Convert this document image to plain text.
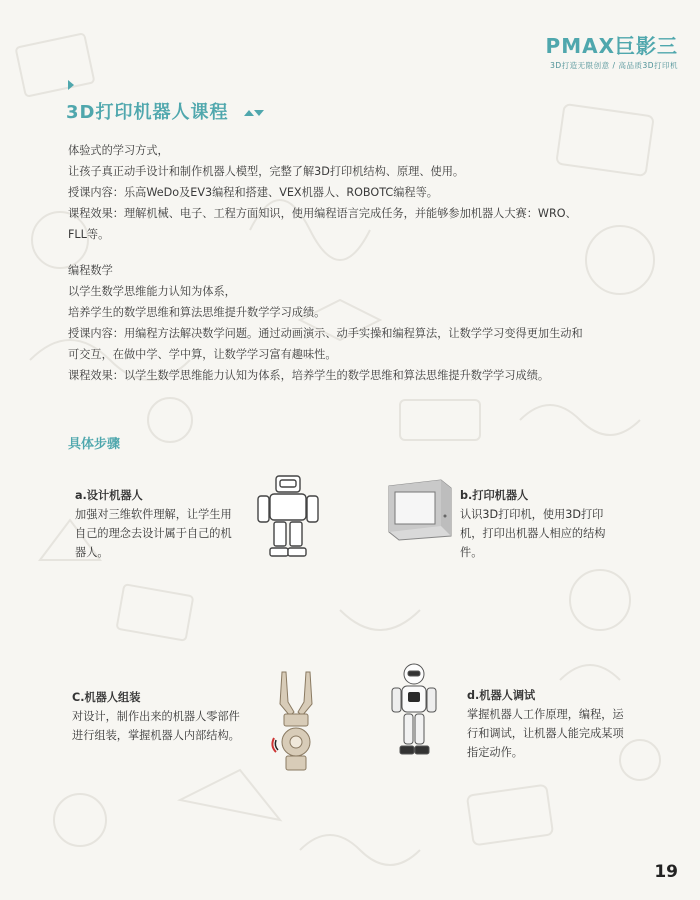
PMAX巨影三
3D打造无限创意 / 高品质3D打印机
3D打印机器人课程

体验式的学习方式，

让孩子真正动手设计和制作机器人模型，完整了解3D打印机结构、原理、使用。

授课内容：乐高WeDo及EV3编程和搭建、VEX机器人、ROBOTC编程等。

课程效果：理解机械、电子、工程方面知识，使用编程语言完成任务，并能够参加机器人大赛：WRO、

FLL等。

编程数学

以学生数学思维能力认知为体系，

培养学生的数学思维和算法思维提升数学学习成绩。

授课内容：用编程方法解决数学问题。通过动画演示、动手实操和编程算法，让数学学习变得更加生动和

可交互，在做中学、学中算，让数学学习富有趣味性。

课程效果：以学生数学思维能力认知为体系，培养学生的数学思维和算法思维提升数学学习成绩。

具体步骤
a.设计机器人
加强对三维软件理解，让学生用自己的理念去设计属于自己的机器人。
b.打印机器人
认识3D打印机，使用3D打印机，打印出机器人相应的结构件。
C.机器人组装
对设计，制作出来的机器人零部件进行组装，掌握机器人内部结构。
d.机器人调试
掌握机器人工作原理，编程，运行和调试，让机器人能完成某项指定动作。
19
